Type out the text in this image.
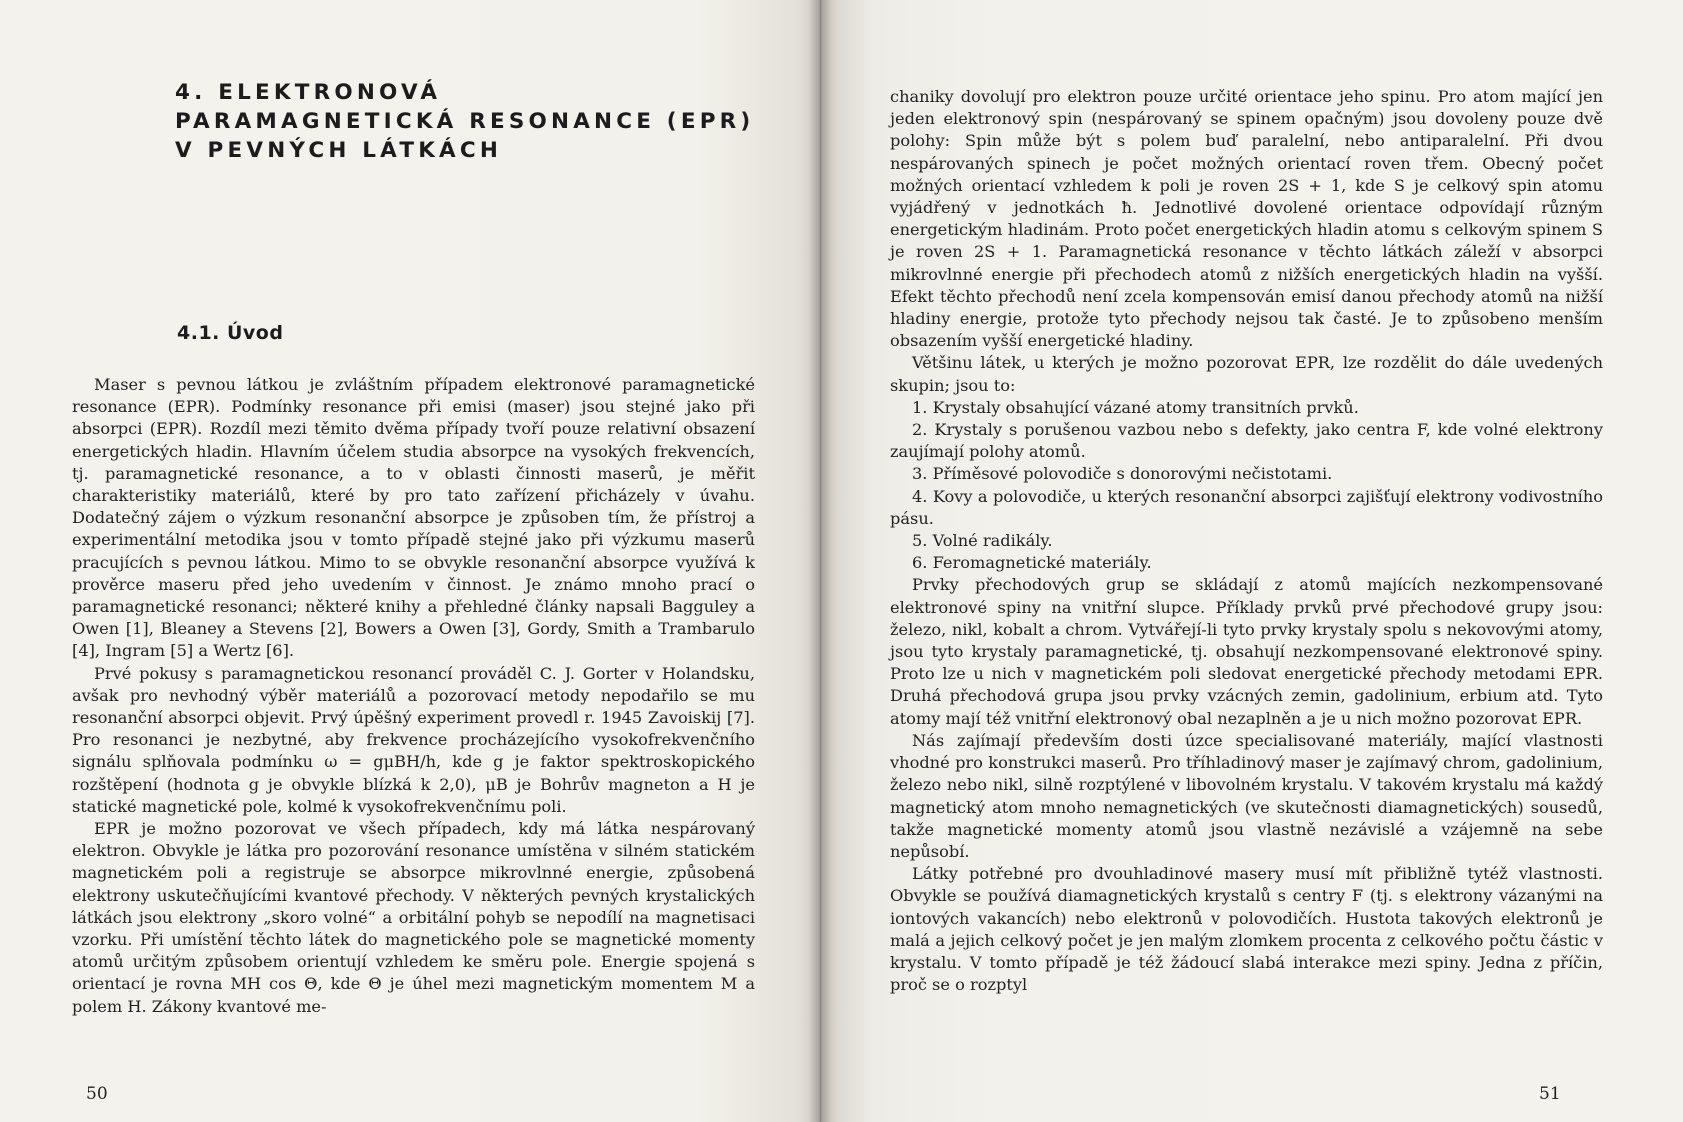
4. ELEKTRONOVÁ
PARAMAGNETICKÁ RESONANCE (EPR)
V PEVNÝCH LÁTKÁCH
4.1. Úvod

Maser s pevnou látkou je zvláštním případem elektronové paramagnetické resonance (EPR). Podmínky resonance při emisi (maser) jsou stejné jako při absorpci (EPR). Rozdíl mezi těmito dvěma případy tvoří pouze relativní obsazení energetických hladin. Hlavním účelem studia absorpce na vysokých frekvencích, tj. paramagnetické resonance, a to v oblasti činnosti maserů, je měřit charakteristiky materiálů, které by pro tato zařízení přicházely v úvahu. Dodatečný zájem o výzkum resonanční absorpce je způsoben tím, že přístroj a experimentální metodika jsou v tomto případě stejné jako při výzkumu maserů pracujících s pevnou látkou. Mimo to se obvykle resonanční absorpce využívá k prověrce maseru před jeho uvedením v činnost. Je známo mnoho prací o paramagnetické resonanci; některé knihy a přehledné články napsali Bagguley a Owen [1], Bleaney a Stevens [2], Bowers a Owen [3], Gordy, Smith a Trambarulo [4], Ingram [5] a Wertz [6].

Prvé pokusy s paramagnetickou resonancí prováděl C. J. Gorter v Holandsku, avšak pro nevhodný výběr materiálů a pozorovací metody nepodařilo se mu resonanční absorpci objevit. Prvý úpěšný experiment provedl r. 1945 Zavoiskij [7]. Pro resonanci je nezbytné, aby frekvence procházejícího vysokofrekvenčního signálu splňovala podmínku ω = gμBH/h, kde g je faktor spektroskopického rozštěpení (hodnota g je obvykle blízká k 2,0), μB je Bohrův magneton a H je statické magnetické pole, kolmé k vysokofrekvenčnímu poli.

EPR je možno pozorovat ve všech případech, kdy má látka nespárovaný elektron. Obvykle je látka pro pozorování resonance umístěna v silném statickém magnetickém poli a registruje se absorpce mikrovlnné energie, způsobená elektrony uskutečňujícími kvantové přechody. V některých pevných krystalických látkách jsou elektrony „skoro volné“ a orbitální pohyb se nepodílí na magnetisaci vzorku. Při umístění těchto látek do magnetického pole se magnetické momenty atomů určitým způsobem orientují vzhledem ke směru pole. Energie spojená s orientací je rovna MH cos Θ, kde Θ je úhel mezi magnetickým momentem M a polem H. Zákony kvantové me-

50

chaniky dovolují pro elektron pouze určité orientace jeho spinu. Pro atom mající jen jeden elektronový spin (nespárovaný se spinem opačným) jsou dovoleny pouze dvě polohy: Spin může být s polem buď paralelní, nebo antiparalelní. Při dvou nespárovaných spinech je počet možných orientací roven třem. Obecný počet možných orientací vzhledem k poli je roven 2S + 1, kde S je celkový spin atomu vyjádřený v jednotkách ħ. Jednotlivé dovolené orientace odpovídají různým energetickým hladinám. Proto počet energetických hladin atomu s celkovým spinem S je roven 2S + 1. Paramagnetická resonance v těchto látkách záleží v absorpci mikrovlnné energie při přechodech atomů z nižších energetických hladin na vyšší. Efekt těchto přechodů není zcela kompensován emisí danou přechody atomů na nižší hladiny energie, protože tyto přechody nejsou tak časté. Je to způsobeno menším obsazením vyšší energetické hladiny.

Většinu látek, u kterých je možno pozorovat EPR, lze rozdělit do dále uvedených skupin; jsou to:

1. Krystaly obsahující vázané atomy transitních prvků.

2. Krystaly s porušenou vazbou nebo s defekty, jako centra F, kde volné elektrony zaujímají polohy atomů.

3. Příměsové polovodiče s donorovými nečistotami.

4. Kovy a polovodiče, u kterých resonanční absorpci zajišťují elektrony vodivostního pásu.

5. Volné radikály.

6. Feromagnetické materiály.

Prvky přechodových grup se skládají z atomů majících nezkompensované elektronové spiny na vnitřní slupce. Příklady prvků prvé přechodové grupy jsou: železo, nikl, kobalt a chrom. Vytvářejí-li tyto prvky krystaly spolu s nekovovými atomy, jsou tyto krystaly paramagnetické, tj. obsahují nezkompensované elektronové spiny. Proto lze u nich v magnetickém poli sledovat energetické přechody metodami EPR. Druhá přechodová grupa jsou prvky vzácných zemin, gadolinium, erbium atd. Tyto atomy mají též vnitřní elektronový obal nezaplněn a je u nich možno pozorovat EPR.

Nás zajímají především dosti úzce specialisované materiály, mající vlastnosti vhodné pro konstrukci maserů. Pro tříhladinový maser je zajímavý chrom, gadolinium, železo nebo nikl, silně rozptýlené v libovolném krystalu. V takovém krystalu má každý magnetický atom mnoho nemagnetických (ve skutečnosti diamagnetických) sousedů, takže magnetické momenty atomů jsou vlastně nezávislé a vzájemně na sebe nepůsobí.

Látky potřebné pro dvouhladinové masery musí mít přibližně tytéž vlastnosti. Obvykle se používá diamagnetických krystalů s centry F (tj. s elektrony vázanými na iontových vakancích) nebo elektronů v polovodičích. Hustota takových elektronů je malá a jejich celkový počet je jen malým zlomkem procenta z celkového počtu částic v krystalu. V tomto případě je též žádoucí slabá interakce mezi spiny. Jedna z příčin, proč se o rozptyl

51
